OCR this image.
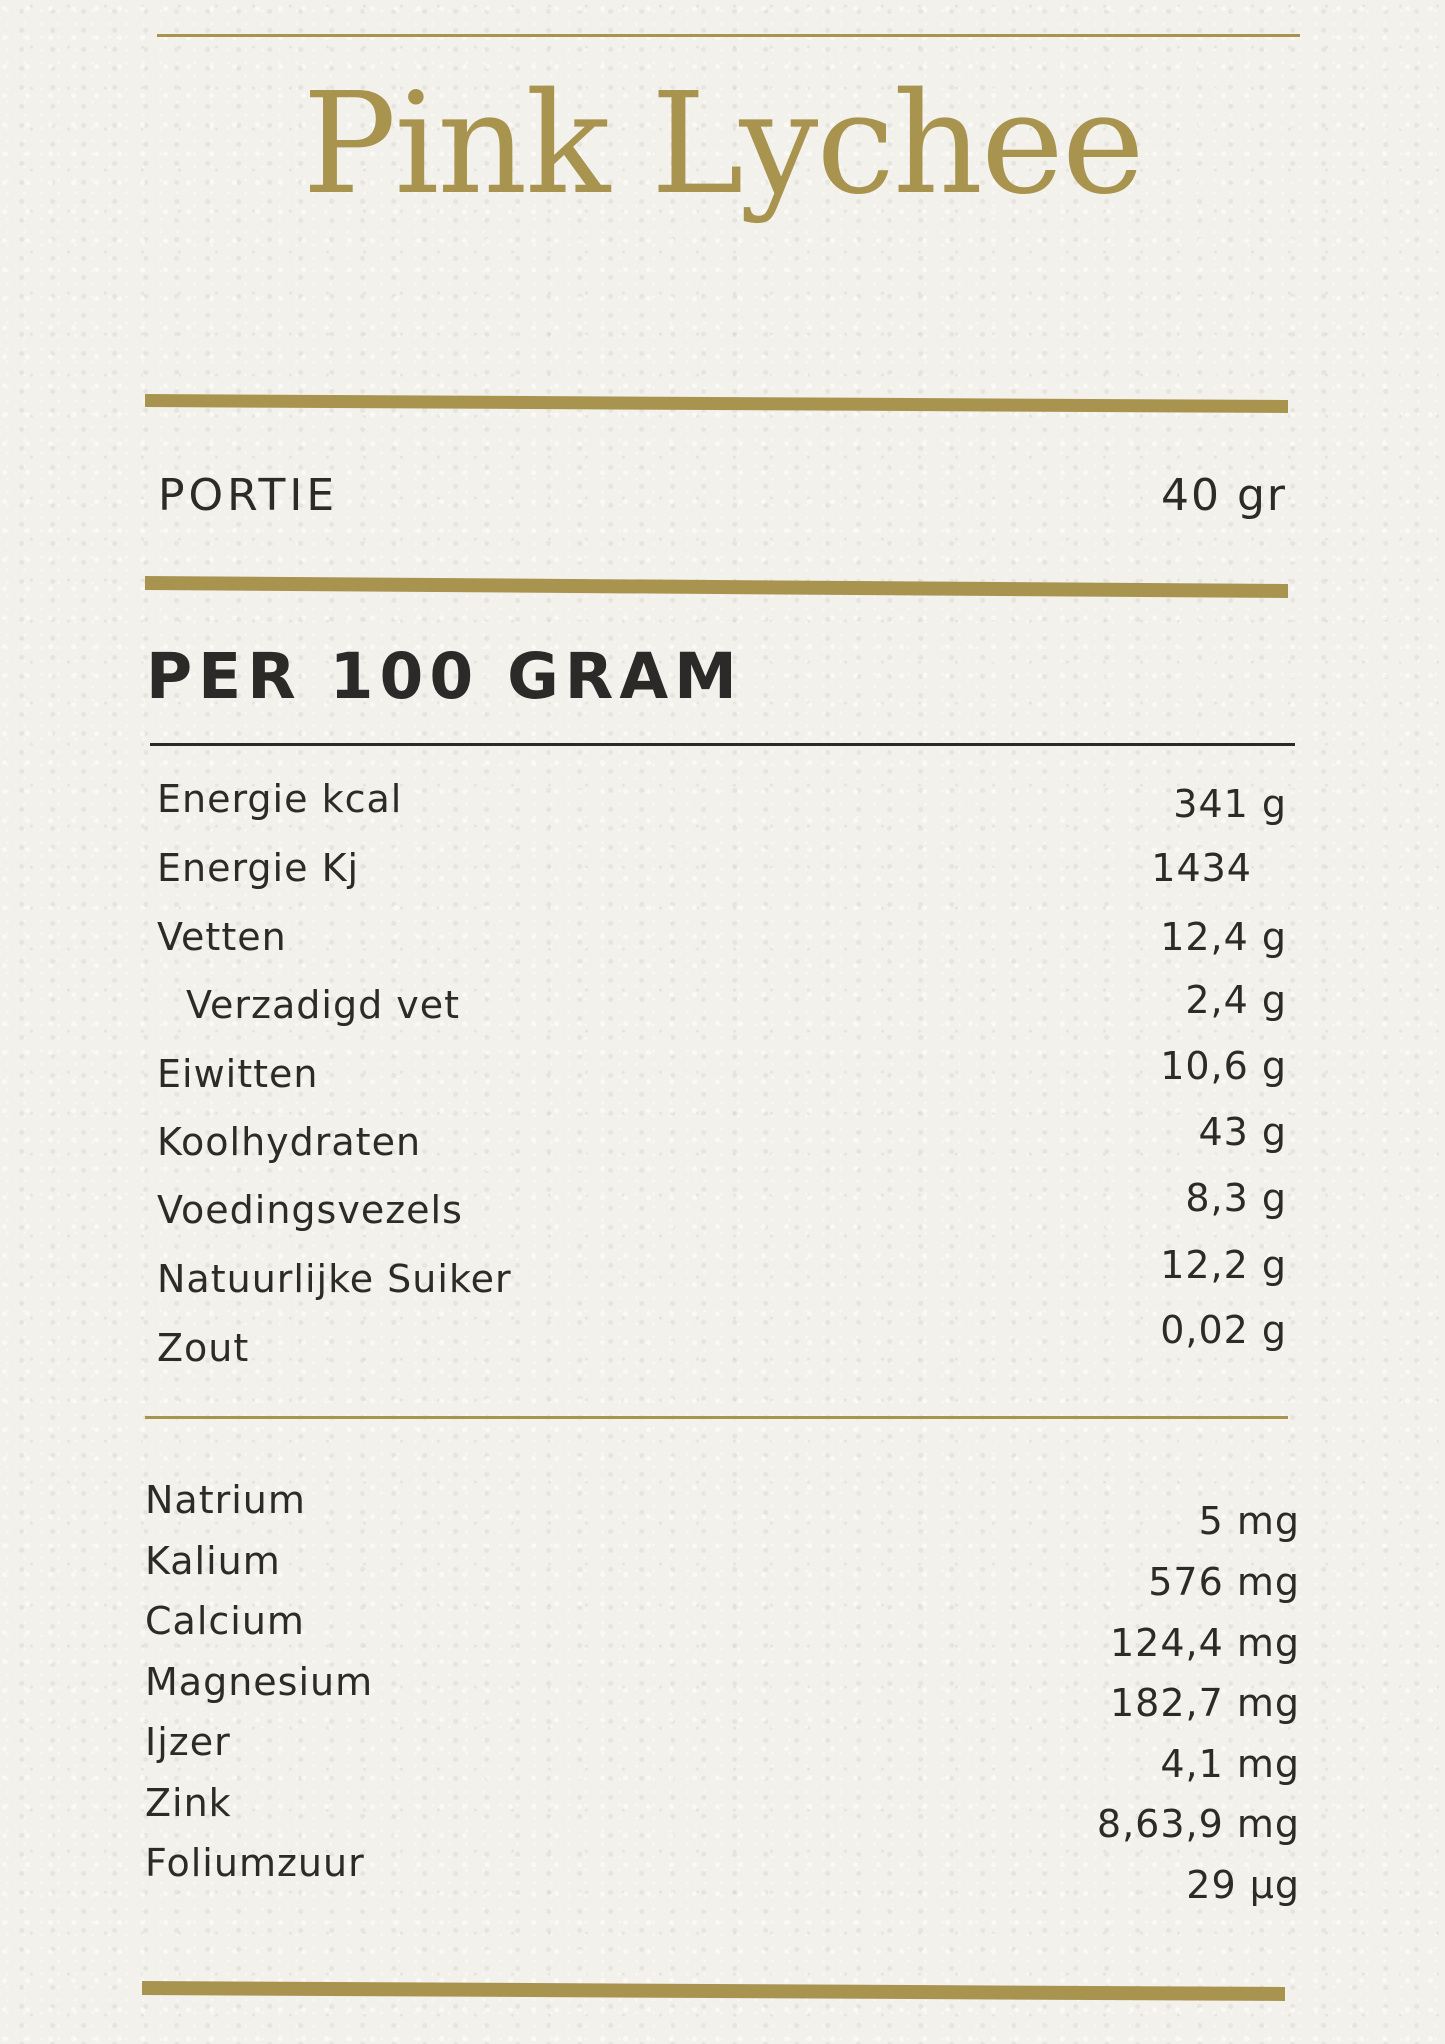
Pink Lychee
PORTIE	40 gr
PER 100 GRAM
Energie kcal	341 g
Energie Kj	1434
Vetten	12,4 g
Verzadigd vet	2,4 g
Eiwitten	10,6 g
Koolhydraten	43 g
Voedingsvezels	8,3 g
Natuurlijke Suiker	12,2 g
Zout	0,02 g
Natrium	5 mg
Kalium	576 mg
Calcium	124,4 mg
Magnesium	182,7 mg
Ijzer	4,1 mg
Zink	8,63,9 mg
Foliumzuur	29 µg
